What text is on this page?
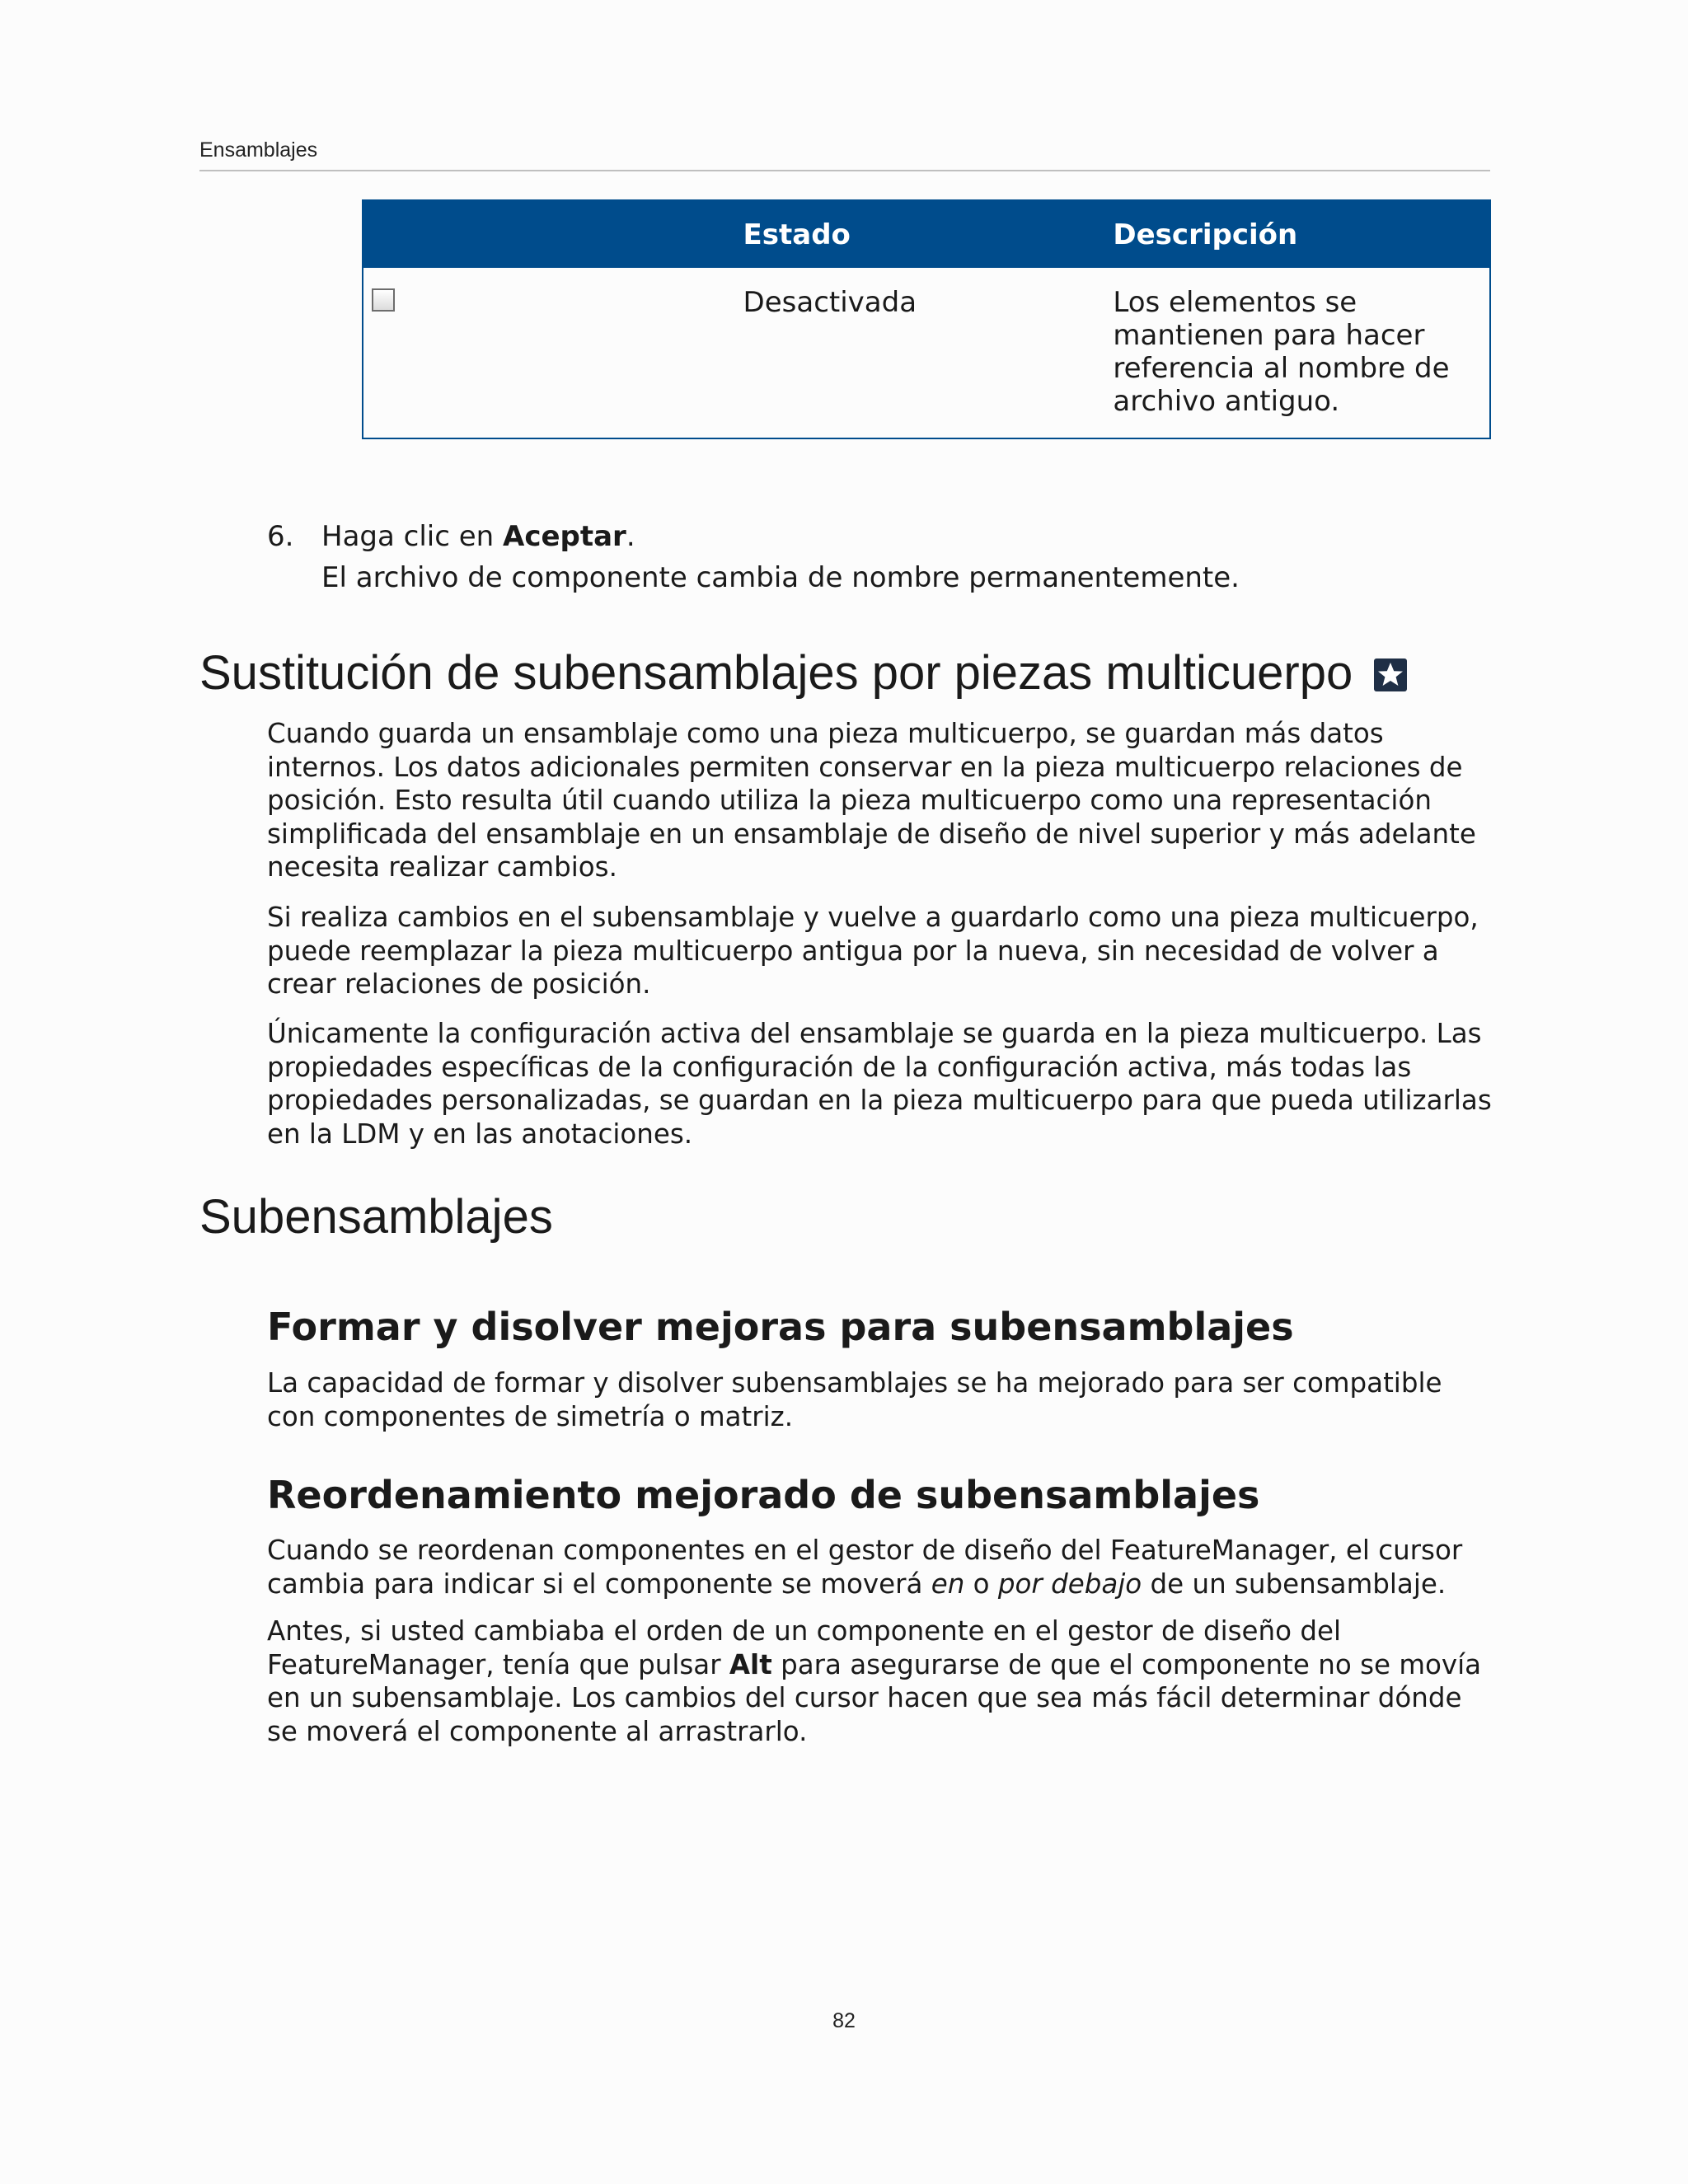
Ensamblajes
	Estado	Descripción
	Desactivada	Los elementos se mantienen para hacer referencia al nombre de archivo antiguo.
6. Haga clic en Aceptar.

El archivo de componente cambia de nombre permanentemente.

Sustitución de subensamblajes por piezas multicuerpo

Cuando guarda un ensamblaje como una pieza multicuerpo, se guardan más datos internos. Los datos adicionales permiten conservar en la pieza multicuerpo relaciones de posición. Esto resulta útil cuando utiliza la pieza multicuerpo como una representación simplificada del ensamblaje en un ensamblaje de diseño de nivel superior y más adelante necesita realizar cambios.

Si realiza cambios en el subensamblaje y vuelve a guardarlo como una pieza multicuerpo, puede reemplazar la pieza multicuerpo antigua por la nueva, sin necesidad de volver a crear relaciones de posición.

Únicamente la configuración activa del ensamblaje se guarda en la pieza multicuerpo. Las propiedades específicas de la configuración de la configuración activa, más todas las propiedades personalizadas, se guardan en la pieza multicuerpo para que pueda utilizarlas en la LDM y en las anotaciones.

Subensamblajes
Formar y disolver mejoras para subensamblajes

La capacidad de formar y disolver subensamblajes se ha mejorado para ser compatible con componentes de simetría o matriz.

Reordenamiento mejorado de subensamblajes

Cuando se reordenan componentes en el gestor de diseño del FeatureManager, el cursor cambia para indicar si el componente se moverá en o por debajo de un subensamblaje.

Antes, si usted cambiaba el orden de un componente en el gestor de diseño del FeatureManager, tenía que pulsar Alt para asegurarse de que el componente no se movía en un subensamblaje. Los cambios del cursor hacen que sea más fácil determinar dónde se moverá el componente al arrastrarlo.

82
